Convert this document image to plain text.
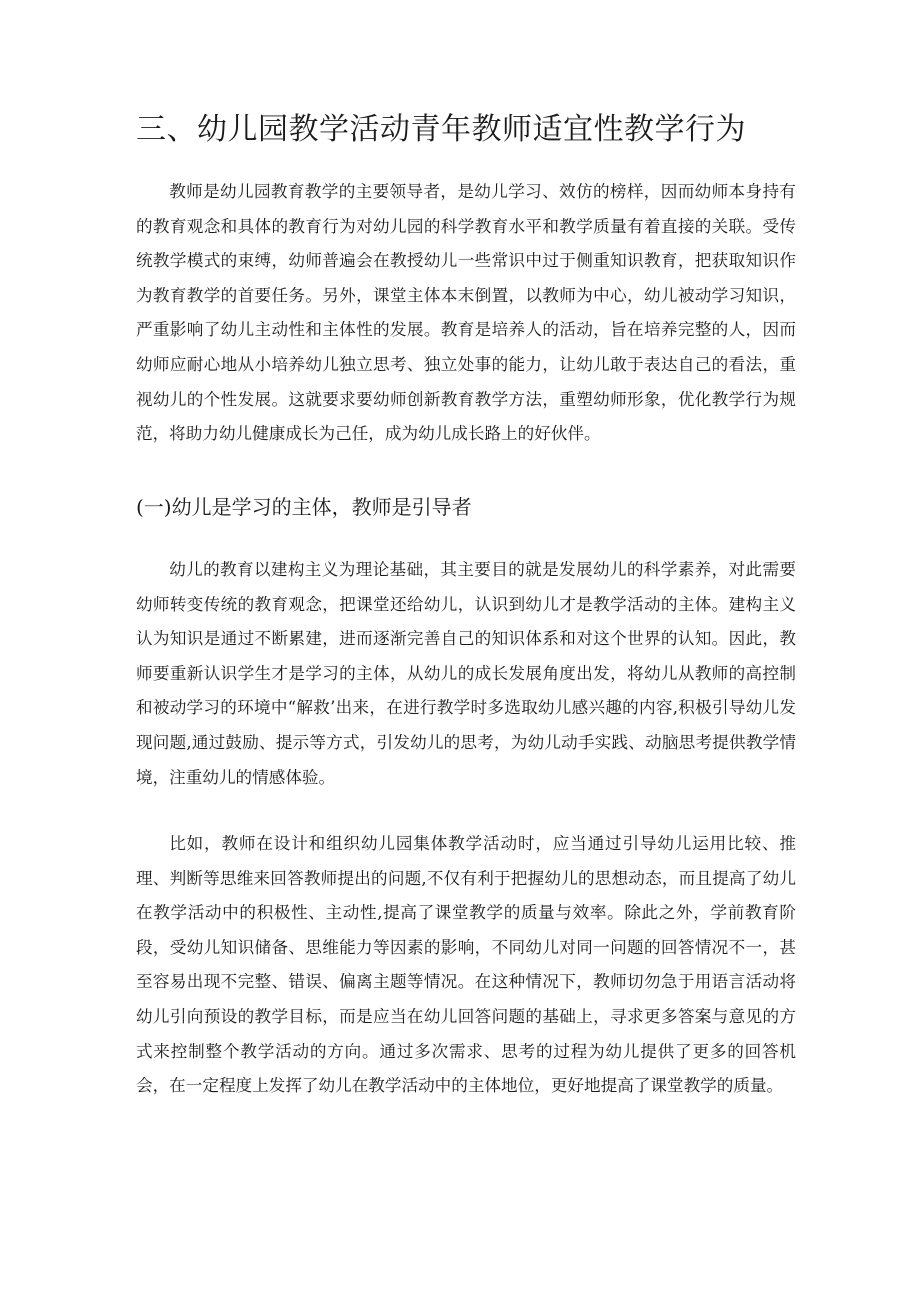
三、幼儿园教学活动青年教师适宜性教学行为

教师是幼儿园教育教学的主要领导者，是幼儿学习、效仿的榜样，因而幼师本身持有的教育观念和具体的教育行为对幼儿园的科学教育水平和教学质量有着直接的关联。受传统教学模式的束缚，幼师普遍会在教授幼儿一些常识中过于侧重知识教育，把获取知识作为教育教学的首要任务。另外，课堂主体本末倒置，以教师为中心，幼儿被动学习知识，严重影响了幼儿主动性和主体性的发展。教育是培养人的活动，旨在培养完整的人，因而幼师应耐心地从小培养幼儿独立思考、独立处事的能力，让幼儿敢于表达自己的看法，重视幼儿的个性发展。这就要求要幼师创新教育教学方法，重塑幼师形象，优化教学行为规范，将助力幼儿健康成长为己任，成为幼儿成长路上的好伙伴。

(一)幼儿是学习的主体，教师是引导者

幼儿的教育以建构主义为理论基础，其主要目的就是发展幼儿的科学素养，对此需要幼师转变传统的教育观念，把课堂还给幼儿，认识到幼儿才是教学活动的主体。建构主义认为知识是通过不断累建，进而逐渐完善自己的知识体系和对这个世界的认知。因此，教师要重新认识学生才是学习的主体，从幼儿的成长发展角度出发，将幼儿从教师的高控制和被动学习的环境中“解救’出来，在进行教学时多选取幼儿感兴趣的内容,积极引导幼儿发现问题,通过鼓励、提示等方式，引发幼儿的思考，为幼儿动手实践、动脑思考提供教学情境，注重幼儿的情感体验。

比如，教师在设计和组织幼儿园集体教学活动时，应当通过引导幼儿运用比较、推理、判断等思维来回答教师提出的问题,不仅有利于把握幼儿的思想动态，而且提高了幼儿在教学活动中的积极性、主动性,提高了课堂教学的质量与效率。除此之外，学前教育阶段，受幼儿知识储备、思维能力等因素的影响，不同幼儿对同一问题的回答情况不一，甚至容易出现不完整、错误、偏离主题等情况。在这种情况下，教师切勿急于用语言活动将幼儿引向预设的教学目标，而是应当在幼儿回答问题的基础上，寻求更多答案与意见的方式来控制整个教学活动的方向。通过多次需求、思考的过程为幼儿提供了更多的回答机会，在一定程度上发挥了幼儿在教学活动中的主体地位，更好地提高了课堂教学的质量。
